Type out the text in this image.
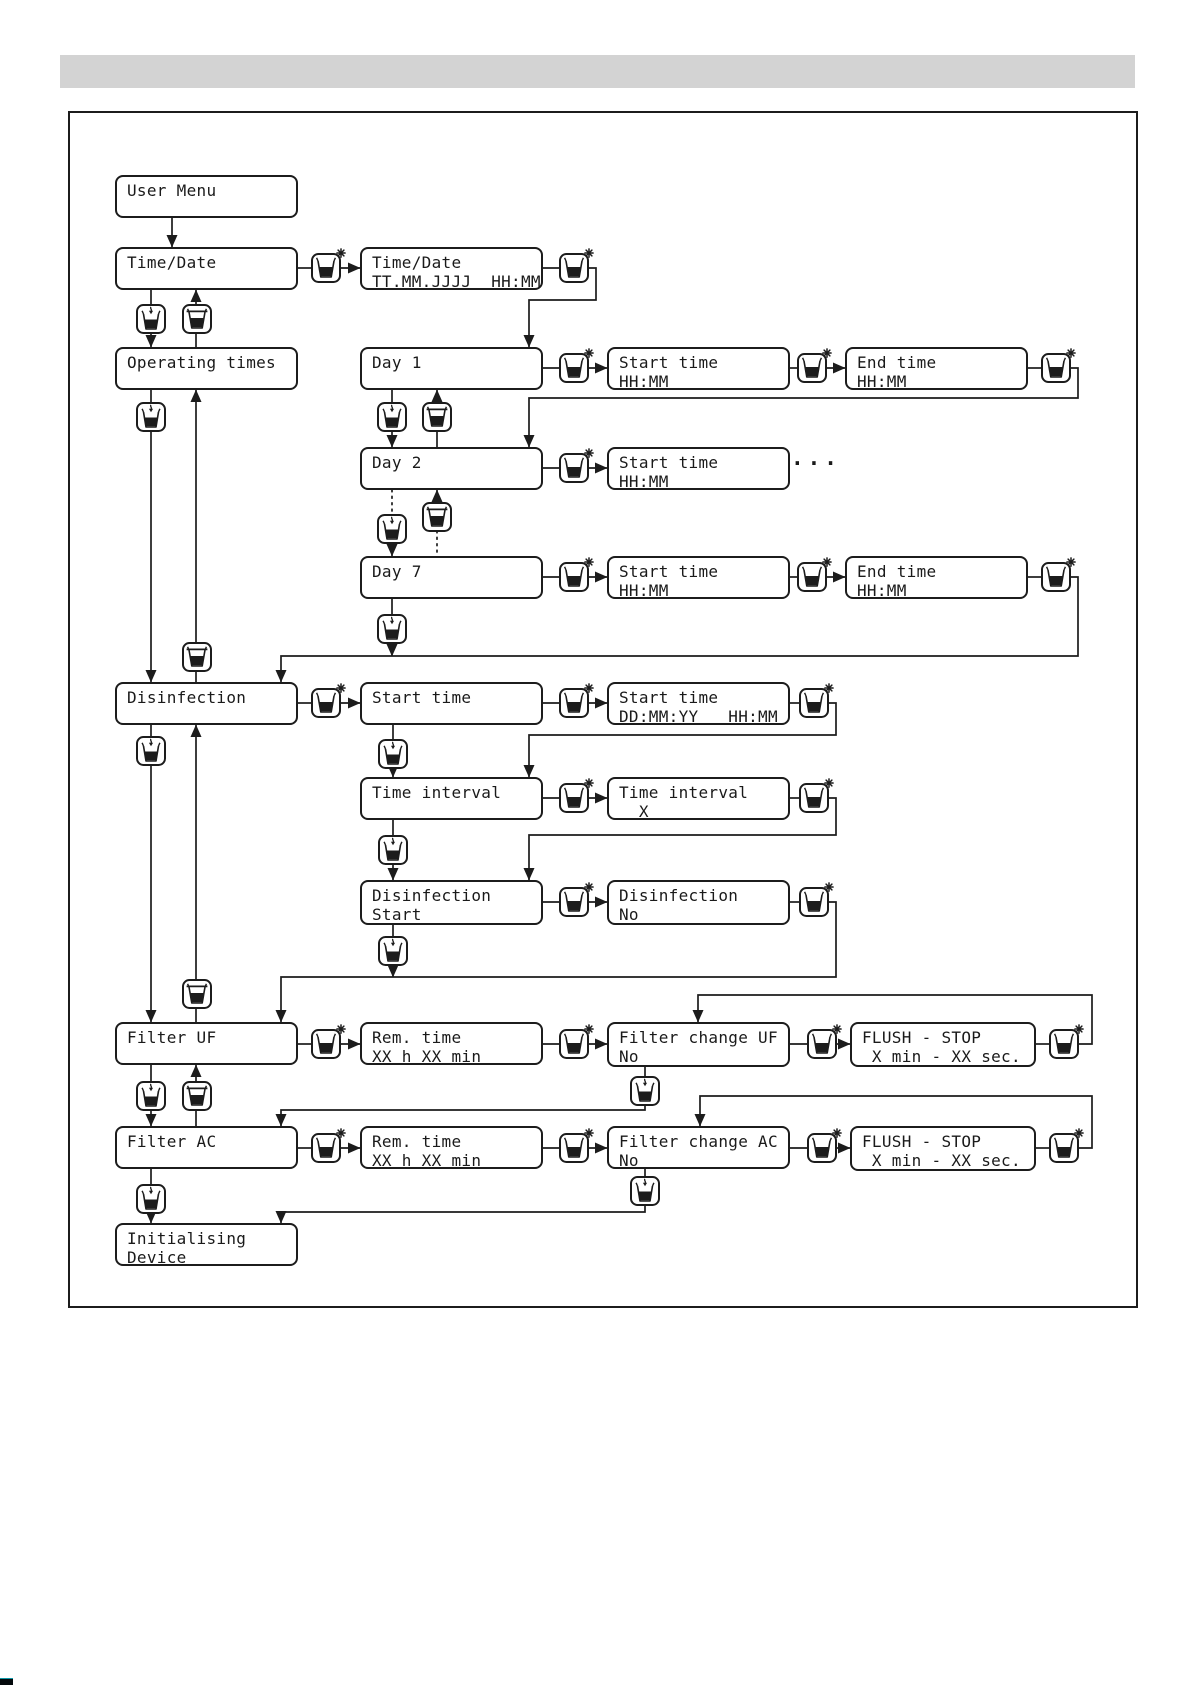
...
User Menu
Time/Date	Time/Date
TT.MM.JJJJ  HH:MM
Operating times	Day 1	Start time
HH:MM
End time
HH:MM
Day 2	Start time
HH:MM
Day 7	Start time
HH:MM
End time
HH:MM
Disinfection	Start time	Start time
DD:MM:YY   HH:MM
Time interval	Time interval
X
Disinfection
Start
Disinfection
No
Filter UF	Rem. time
XX h XX min
Filter change UF
No
FLUSH - STOP
X min - XX sec.
Filter AC	Rem. time
XX h XX min
Filter change AC
No
FLUSH - STOP
X min - XX sec.
Initialising
Device
